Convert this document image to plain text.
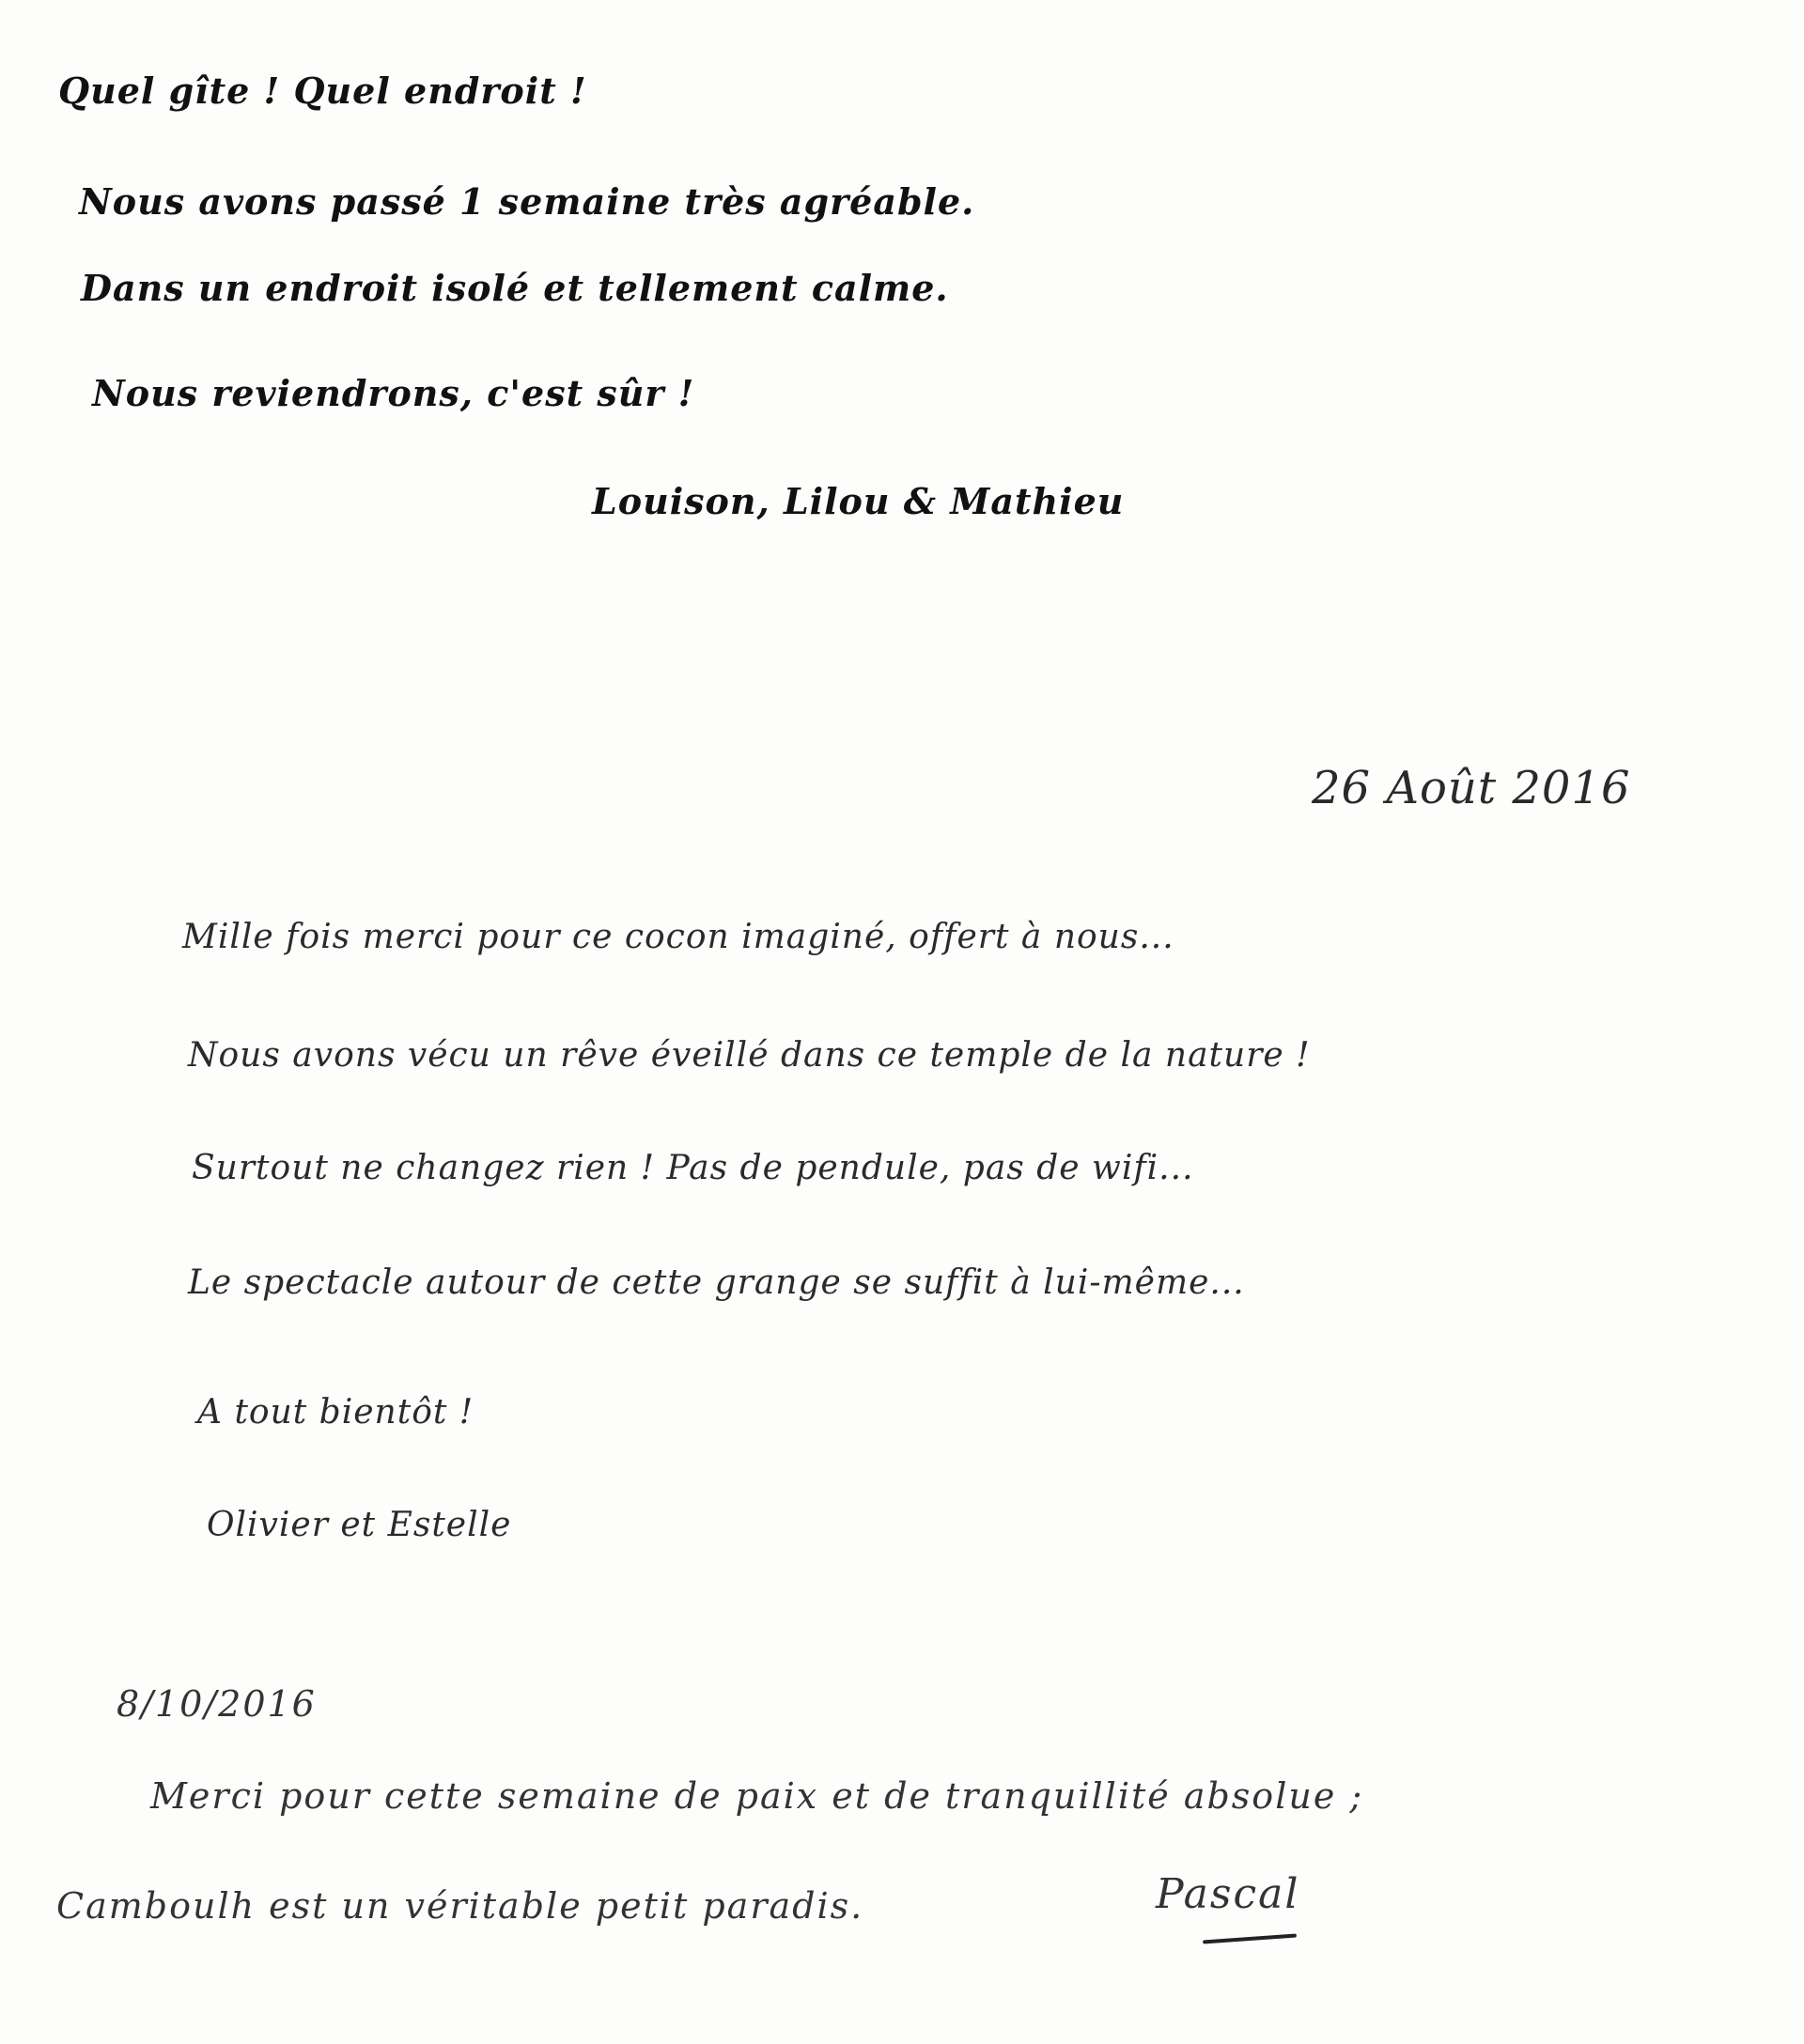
Quel gîte ! Quel endroit !
Nous avons passé 1 semaine très agréable.
Dans un endroit isolé et tellement calme.
Nous reviendrons, c'est sûr !
Louison, Lilou & Mathieu
26 Août 2016
Mille fois merci pour ce cocon imaginé, offert à nous...
Nous avons vécu un rêve éveillé dans ce temple de la nature !
Surtout ne changez rien ! Pas de pendule, pas de wifi...
Le spectacle autour de cette grange se suffit à lui-même...
A tout bientôt !
Olivier et Estelle
8/10/2016
Merci pour cette semaine de paix et de tranquillité absolue ;
Camboulh est un véritable petit paradis.	Pascal
